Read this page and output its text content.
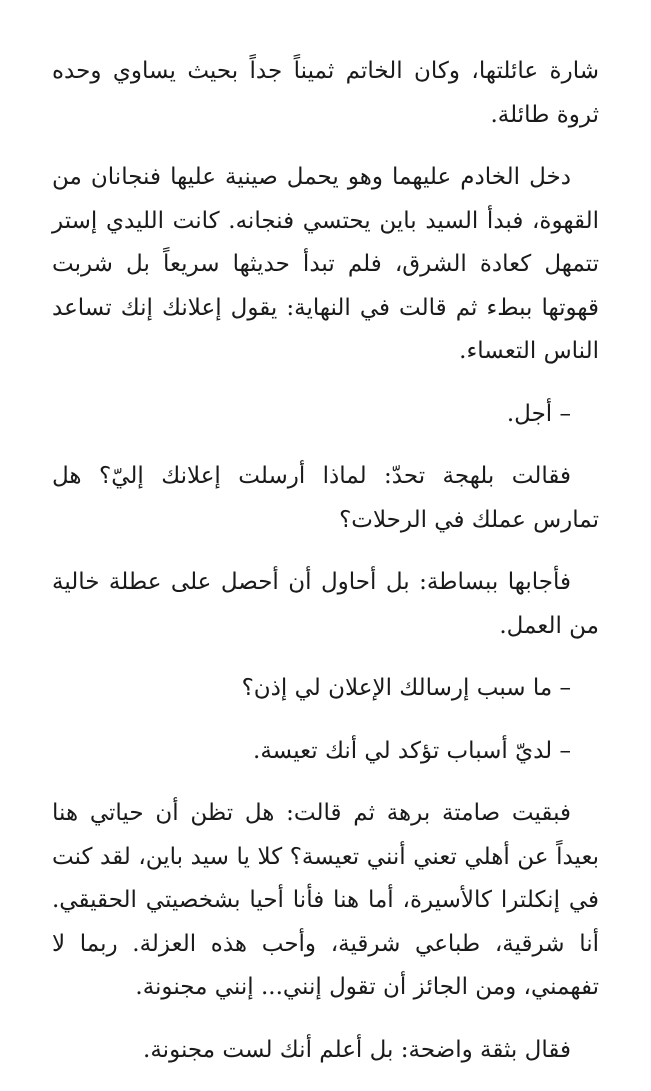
شارة عائلتها، وكان الخاتم ثميناً جداً بحيث يساوي وحده ثروة طائلة.

دخل الخادم عليهما وهو يحمل صينية عليها فنجانان من القهوة، فبدأ السيد باين يحتسي فنجانه. كانت الليدي إستر تتمهل كعادة الشرق، فلم تبدأ حديثها سريعاً بل شربت قهوتها ببطء ثم قالت في النهاية: يقول إعلانك إنك تساعد الناس التعساء.

– أجل.

فقالت بلهجة تحدّ: لماذا أرسلت إعلانك إليّ؟ هل تمارس عملك في الرحلات؟

فأجابها ببساطة: بل أحاول أن أحصل على عطلة خالية من العمل.

– ما سبب إرسالك الإعلان لي إذن؟

– لديّ أسباب تؤكد لي أنك تعيسة.

فبقيت صامتة برهة ثم قالت: هل تظن أن حياتي هنا بعيداً عن أهلي تعني أنني تعيسة؟ كلا يا سيد باين، لقد كنت في إنكلترا كالأسيرة، أما هنا فأنا أحيا بشخصيتي الحقيقي. أنا شرقية، طباعي شرقية، وأحب هذه العزلة. ربما لا تفهمني، ومن الجائز أن تقول إنني... إنني مجنونة.

فقال بثقة واضحة: بل أعلم أنك لست مجنونة.
